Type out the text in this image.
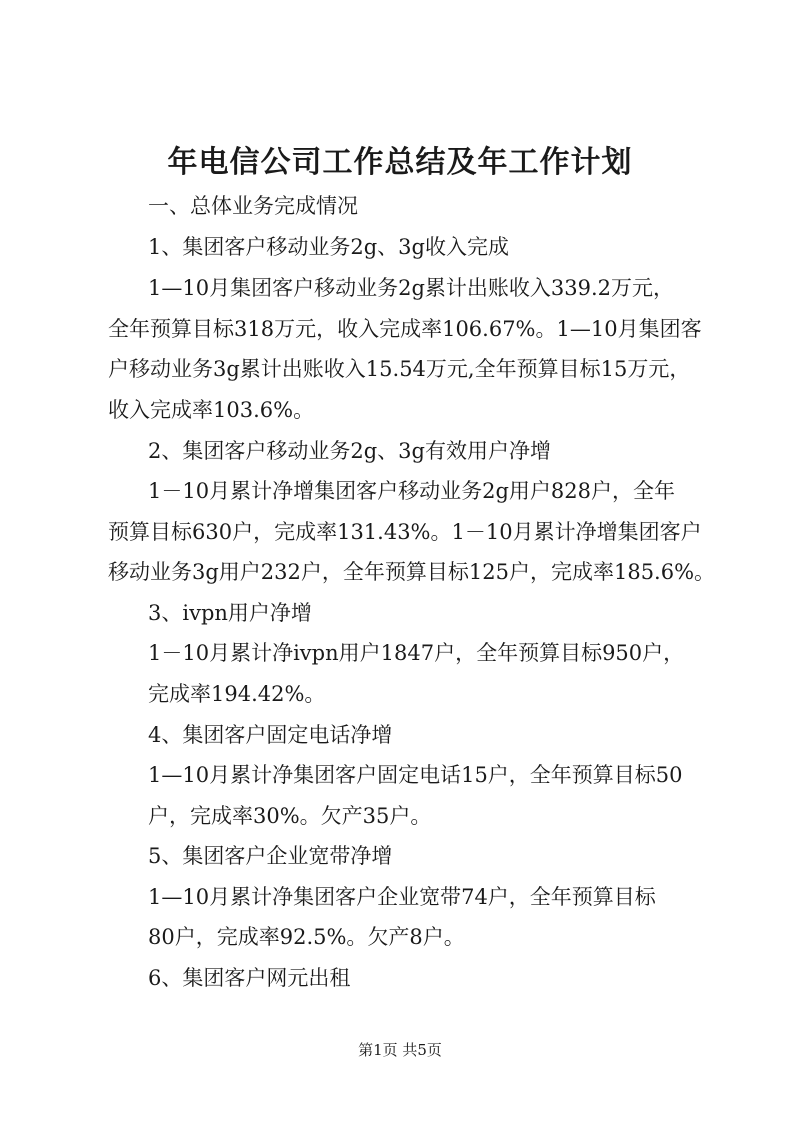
年电信公司工作总结及年工作计划
一、总体业务完成情况
1、集团客户移动业务2g、3g收入完成
1—10月集团客户移动业务2g累计出账收入339.2万元，
全年预算目标318万元，收入完成率106.67%。1—10月集团客
户移动业务3g累计出账收入15.54万元,全年预算目标15万元，
收入完成率103.6%。
2、集团客户移动业务2g、3g有效用户净增
1－10月累计净增集团客户移动业务2g用户828户，全年
预算目标630户，完成率131.43%。1－10月累计净增集团客户
移动业务3g用户232户，全年预算目标125户，完成率185.6%。
3、ivpn用户净增
1－10月累计净ivpn用户1847户，全年预算目标950户，
完成率194.42%。
4、集团客户固定电话净增
1—10月累计净集团客户固定电话15户，全年预算目标50
户，完成率30%。欠产35户。
5、集团客户企业宽带净增
1—10月累计净集团客户企业宽带74户，全年预算目标
80户，完成率92.5%。欠产8户。
6、集团客户网元出租
第1页 共5页
